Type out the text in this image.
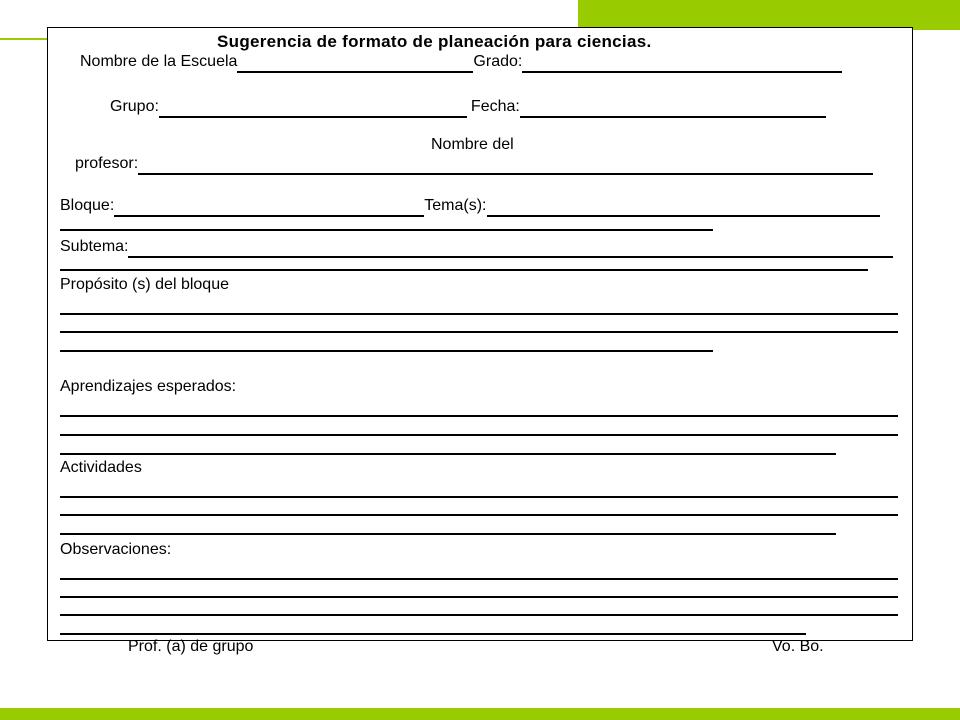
Sugerencia de formato de planeación para ciencias.
Nombre de la Escuela	Grado:
Grupo:	Fecha:
Nombre del
profesor:
Bloque:	Tema(s):
Subtema:
Propósito (s) del bloque
Aprendizajes esperados:
Actividades
Observaciones:
Prof. (a) de grupo	Vo. Bo.
